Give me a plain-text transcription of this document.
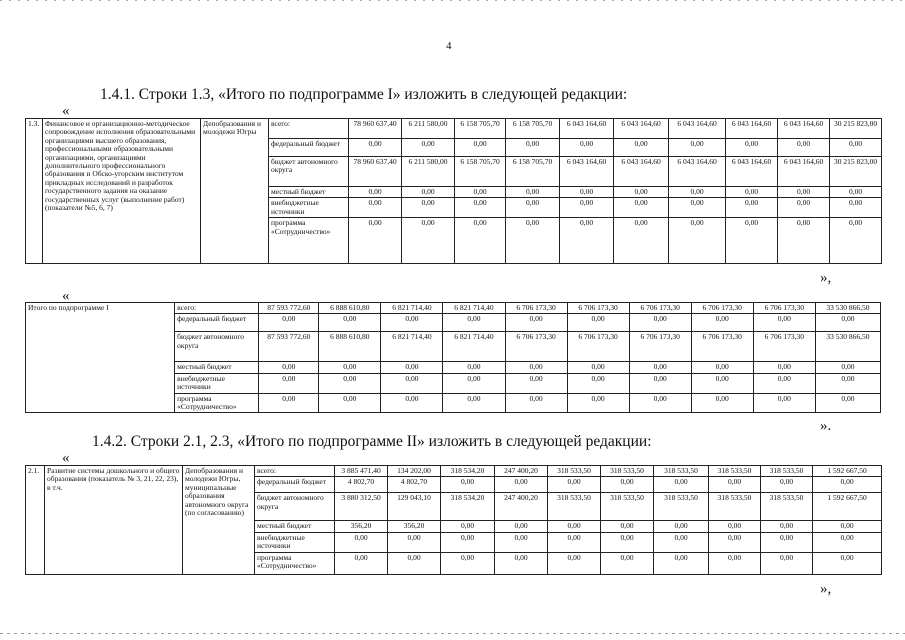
4
1.4.1. Строки 1.3, «Итого по подпрограмме I» изложить в следующей редакции:
«
1.3.	Финансовое и организационно-методическое сопровождение исполнения образовательными организациями высшего образования, профессиональными образовательными организациями, организациями дополнительного профессионального образования и Обско-угорским институтом прикладных исследований и разработок государственного задания на оказание государственных услуг (выполнение работ) (показатели №5, 6, 7)	Депобразования и молодежи Югры	всего:	78 960 637,40	6 211 580,00	6 158 705,70	6 158 705,70	6 043 164,60	6 043 164,60	6 043 164,60	6 043 164,60	6 043 164,60	30 215 823,00
			федеральный бюджет	0,00	0,00	0,00	0,00	0,00	0,00	0,00	0,00	0,00	0,00
			бюджет автономного округа	78 960 637,40	6 211 580,00	6 158 705,70	6 158 705,70	6 043 164,60	6 043 164,60	6 043 164,60	6 043 164,60	6 043 164,60	30 215 823,00
			местный бюджет	0,00	0,00	0,00	0,00	0,00	0,00	0,00	0,00	0,00	0,00
			внебюджетные источники	0,00	0,00	0,00	0,00	0,00	0,00	0,00	0,00	0,00	0,00
			программа «Сотрудничество»	0,00	0,00	0,00	0,00	0,00	0,00	0,00	0,00	0,00	0,00
»,
«
Итого по подпрограмме I	всего:	87 593 772,60	6 888 610,80	6 821 714,40	6 821 714,40	6 706 173,30	6 706 173,30	6 706 173,30	6 706 173,30	6 706 173,30	33 530 866,50
	федеральный бюджет	0,00	0,00	0,00	0,00	0,00	0,00	0,00	0,00	0,00	0,00
	бюджет автономного округа	87 593 772,60	6 888 610,80	6 821 714,40	6 821 714,40	6 706 173,30	6 706 173,30	6 706 173,30	6 706 173,30	6 706 173,30	33 530 866,50
	местный бюджет	0,00	0,00	0,00	0,00	0,00	0,00	0,00	0,00	0,00	0,00
	внебюджетные источники	0,00	0,00	0,00	0,00	0,00	0,00	0,00	0,00	0,00	0,00
	программа «Сотрудничество»	0,00	0,00	0,00	0,00	0,00	0,00	0,00	0,00	0,00	0,00
».
1.4.2. Строки 2.1, 2.3, «Итого по подпрограмме II» изложить в следующей редакции:
«
2.1.	Развитие системы дошкольного и общего образования (показатель № 3, 21, 22, 23), в т.ч.	Депобразования и молодежи Югры, муниципальные образования автономного округа (по согласованию)	всего:	3 885 471,40	134 202,00	318 534,20	247 400,20	318 533,50	318 533,50	318 533,50	318 533,50	318 533,50	1 592 667,50
			федеральный бюджет	4 802,70	4 802,70	0,00	0,00	0,00	0,00	0,00	0,00	0,00	0,00
			бюджет автономного округа	3 880 312,50	129 043,10	318 534,20	247 400,20	318 533,50	318 533,50	318 533,50	318 533,50	318 533,50	1 592 667,50
			местный бюджет	356,20	356,20	0,00	0,00	0,00	0,00	0,00	0,00	0,00	0,00
			внебюджетные источники	0,00	0,00	0,00	0,00	0,00	0,00	0,00	0,00	0,00	0,00
			программа «Сотрудничество»	0,00	0,00	0,00	0,00	0,00	0,00	0,00	0,00	0,00	0,00
»,
